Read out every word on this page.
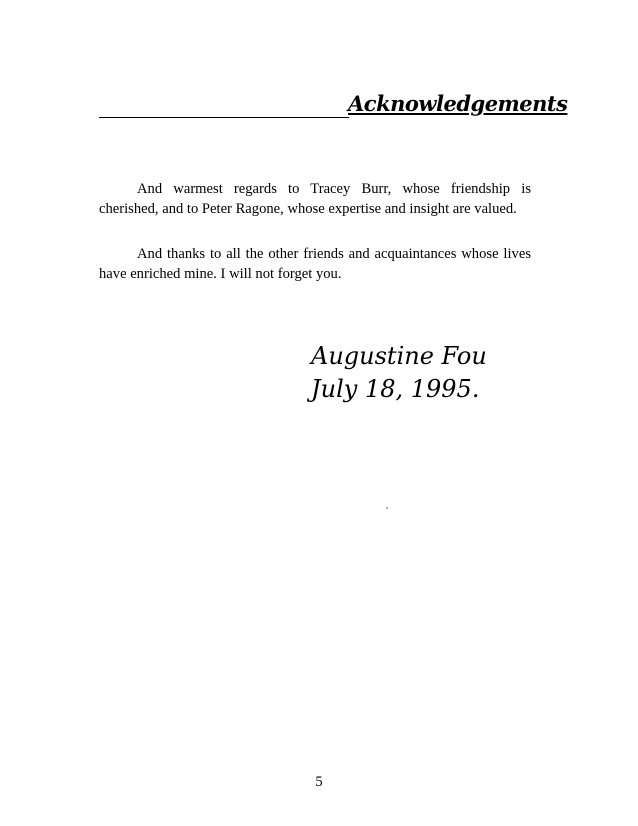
Acknowledgements

And warmest regards to Tracey Burr, whose friendship is cherished, and to Peter Ragone, whose expertise and insight are valued.

And thanks to all the other friends and acquaintances whose lives have enriched mine. I will not forget you.

Augustine Fou
July 18, 1995.
5
